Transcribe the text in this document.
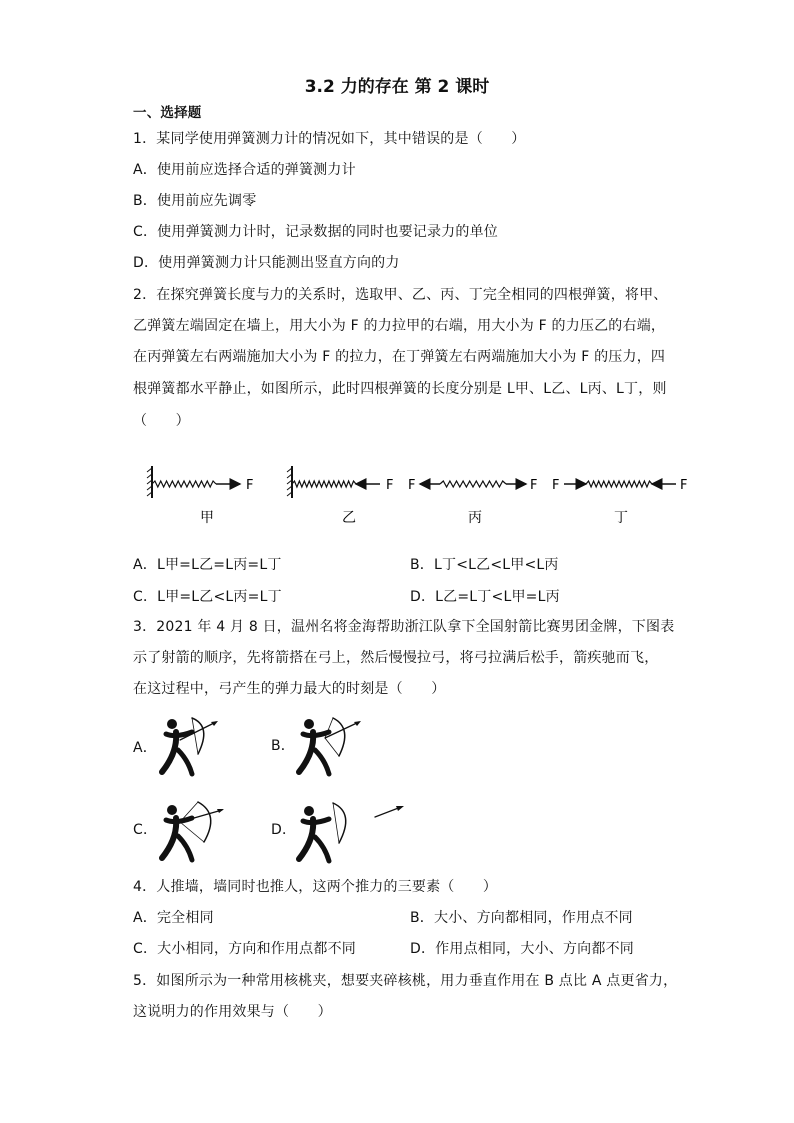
3.2 力的存在 第 2 课时
一、选择题
1．某同学使用弹簧测力计的情况如下，其中错误的是（　　）
A．使用前应选择合适的弹簧测力计
B．使用前应先调零
C．使用弹簧测力计时，记录数据的同时也要记录力的单位
D．使用弹簧测力计只能测出竖直方向的力
2．在探究弹簧长度与力的关系时，选取甲、乙、丙、丁完全相同的四根弹簧，将甲、
乙弹簧左端固定在墙上，用大小为 F 的力拉甲的右端，用大小为 F 的力压乙的右端，
在丙弹簧左右两端施加大小为 F 的拉力，在丁弹簧左右两端施加大小为 F 的压力，四
根弹簧都水平静止，如图所示，此时四根弹簧的长度分别是 L甲、L乙、L丙、L丁，则
（　　）
F
甲
F
乙
F	F
丙
F	F
丁
A．L甲=L乙=L丙=L丁	B．L丁<L乙<L甲<L丙
C．L甲=L乙<L丙=L丁	D．L乙=L丁<L甲=L丙
3．2021 年 4 月 8 日，温州名将金海帮助浙江队拿下全国射箭比赛男团金牌，下图表
示了射箭的顺序，先将箭搭在弓上，然后慢慢拉弓，将弓拉满后松手，箭疾驰而飞，
在这过程中，弓产生的弹力最大的时刻是（　　）
A．	B．
C．	D．
4．人推墙，墙同时也推人，这两个推力的三要素（　　）
A．完全相同	B．大小、方向都相同，作用点不同
C．大小相同，方向和作用点都不同	D．作用点相同，大小、方向都不同
5．如图所示为一种常用核桃夹，想要夹碎核桃，用力垂直作用在 B 点比 A 点更省力，
这说明力的作用效果与（　　）
